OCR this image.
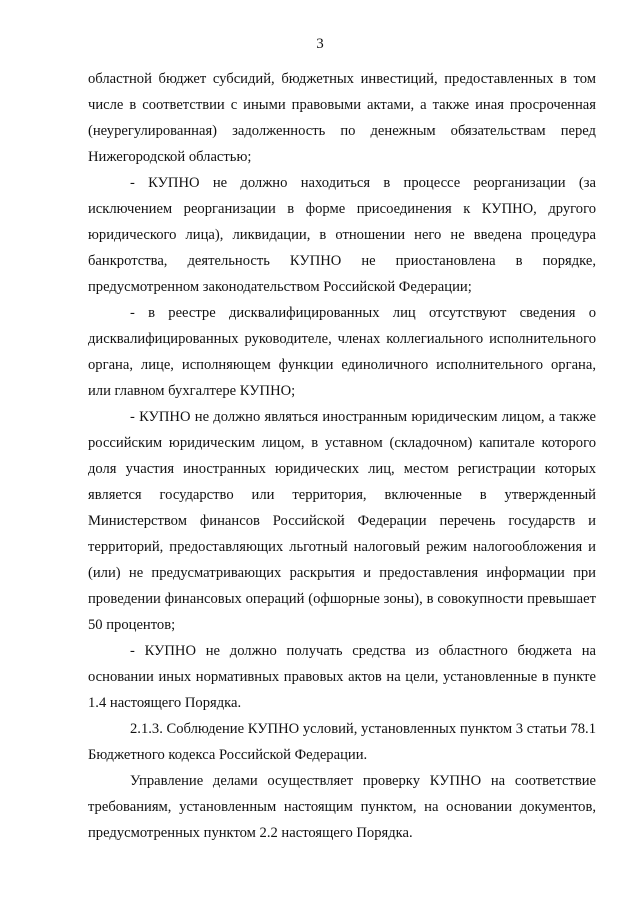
3

областной бюджет субсидий, бюджетных инвестиций, предоставленных в том числе в соответствии с иными правовыми актами, а также иная просроченная (неурегулированная) задолженность по денежным обязательствам перед Нижегородской областью;

- КУПНО не должно находиться в процессе реорганизации (за исключением реорганизации в форме присоединения к КУПНО, другого юридического лица), ликвидации, в отношении него не введена процедура банкротства, деятельность КУПНО не приостановлена в порядке, предусмотренном законодательством Российской Федерации;

- в реестре дисквалифицированных лиц отсутствуют сведения о дисквалифицированных руководителе, членах коллегиального исполнительного органа, лице, исполняющем функции единоличного исполнительного органа, или главном бухгалтере КУПНО;

- КУПНО не должно являться иностранным юридическим лицом, а также российским юридическим лицом, в уставном (складочном) капитале которого доля участия иностранных юридических лиц, местом регистрации которых является государство или территория, включенные в утвержденный Министерством финансов Российской Федерации перечень государств и территорий, предоставляющих льготный налоговый режим налогообложения и (или) не предусматривающих раскрытия и предоставления информации при проведении финансовых операций (офшорные зоны), в совокупности превышает 50 процентов;

- КУПНО не должно получать средства из областного бюджета на основании иных нормативных правовых актов на цели, установленные в пункте 1.4 настоящего Порядка.

2.1.3. Соблюдение КУПНО условий, установленных пунктом 3 статьи 78.1 Бюджетного кодекса Российской Федерации.

Управление делами осуществляет проверку КУПНО на соответствие требованиям, установленным настоящим пунктом, на основании документов, предусмотренных пунктом 2.2 настоящего Порядка.
